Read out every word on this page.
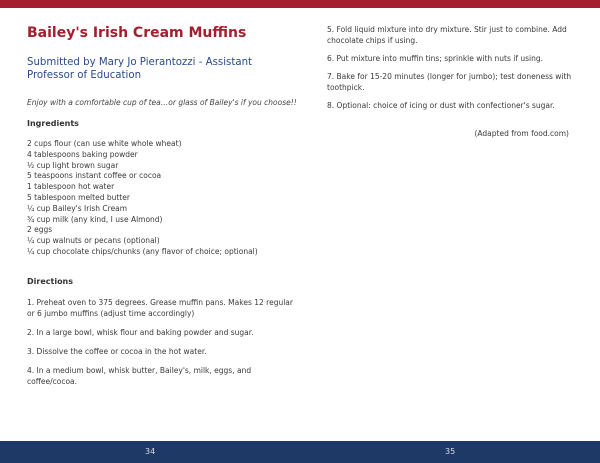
Bailey's Irish Cream Muffins

Submitted by Mary Jo Pierantozzi - Assistant Professor of Education

Enjoy with a comfortable cup of tea…or glass of Bailey's if you choose!!

Ingredients
2 cups flour (can use white whole wheat)
4 tablespoons baking powder
½ cup light brown sugar
5 teaspoons instant coffee or cocoa
1 tablespoon hot water
5 tablespoon melted butter
¼ cup Bailey's Irish Cream
¾ cup milk (any kind, I use Almond)
2 eggs
¼ cup walnuts or pecans (optional)
¼ cup chocolate chips/chunks (any flavor of choice; optional)
Directions

1. Preheat oven to 375 degrees. Grease muffin pans. Makes 12 regular or 6 jumbo muffins (adjust time accordingly)

2. In a large bowl, whisk flour and baking powder and sugar.

3. Dissolve the coffee or cocoa in the hot water.

4. In a medium bowl, whisk butter, Bailey's, milk, eggs, and coffee/cocoa.

5. Fold liquid mixture into dry mixture. Stir just to combine. Add chocolate chips if using.

6. Put mixture into muffin tins; sprinkle with nuts if using.

7. Bake for 15-20 minutes (longer for jumbo); test doneness with toothpick.

8. Optional: choice of icing or dust with confectioner's sugar.

(Adapted from food.com)

34	35
